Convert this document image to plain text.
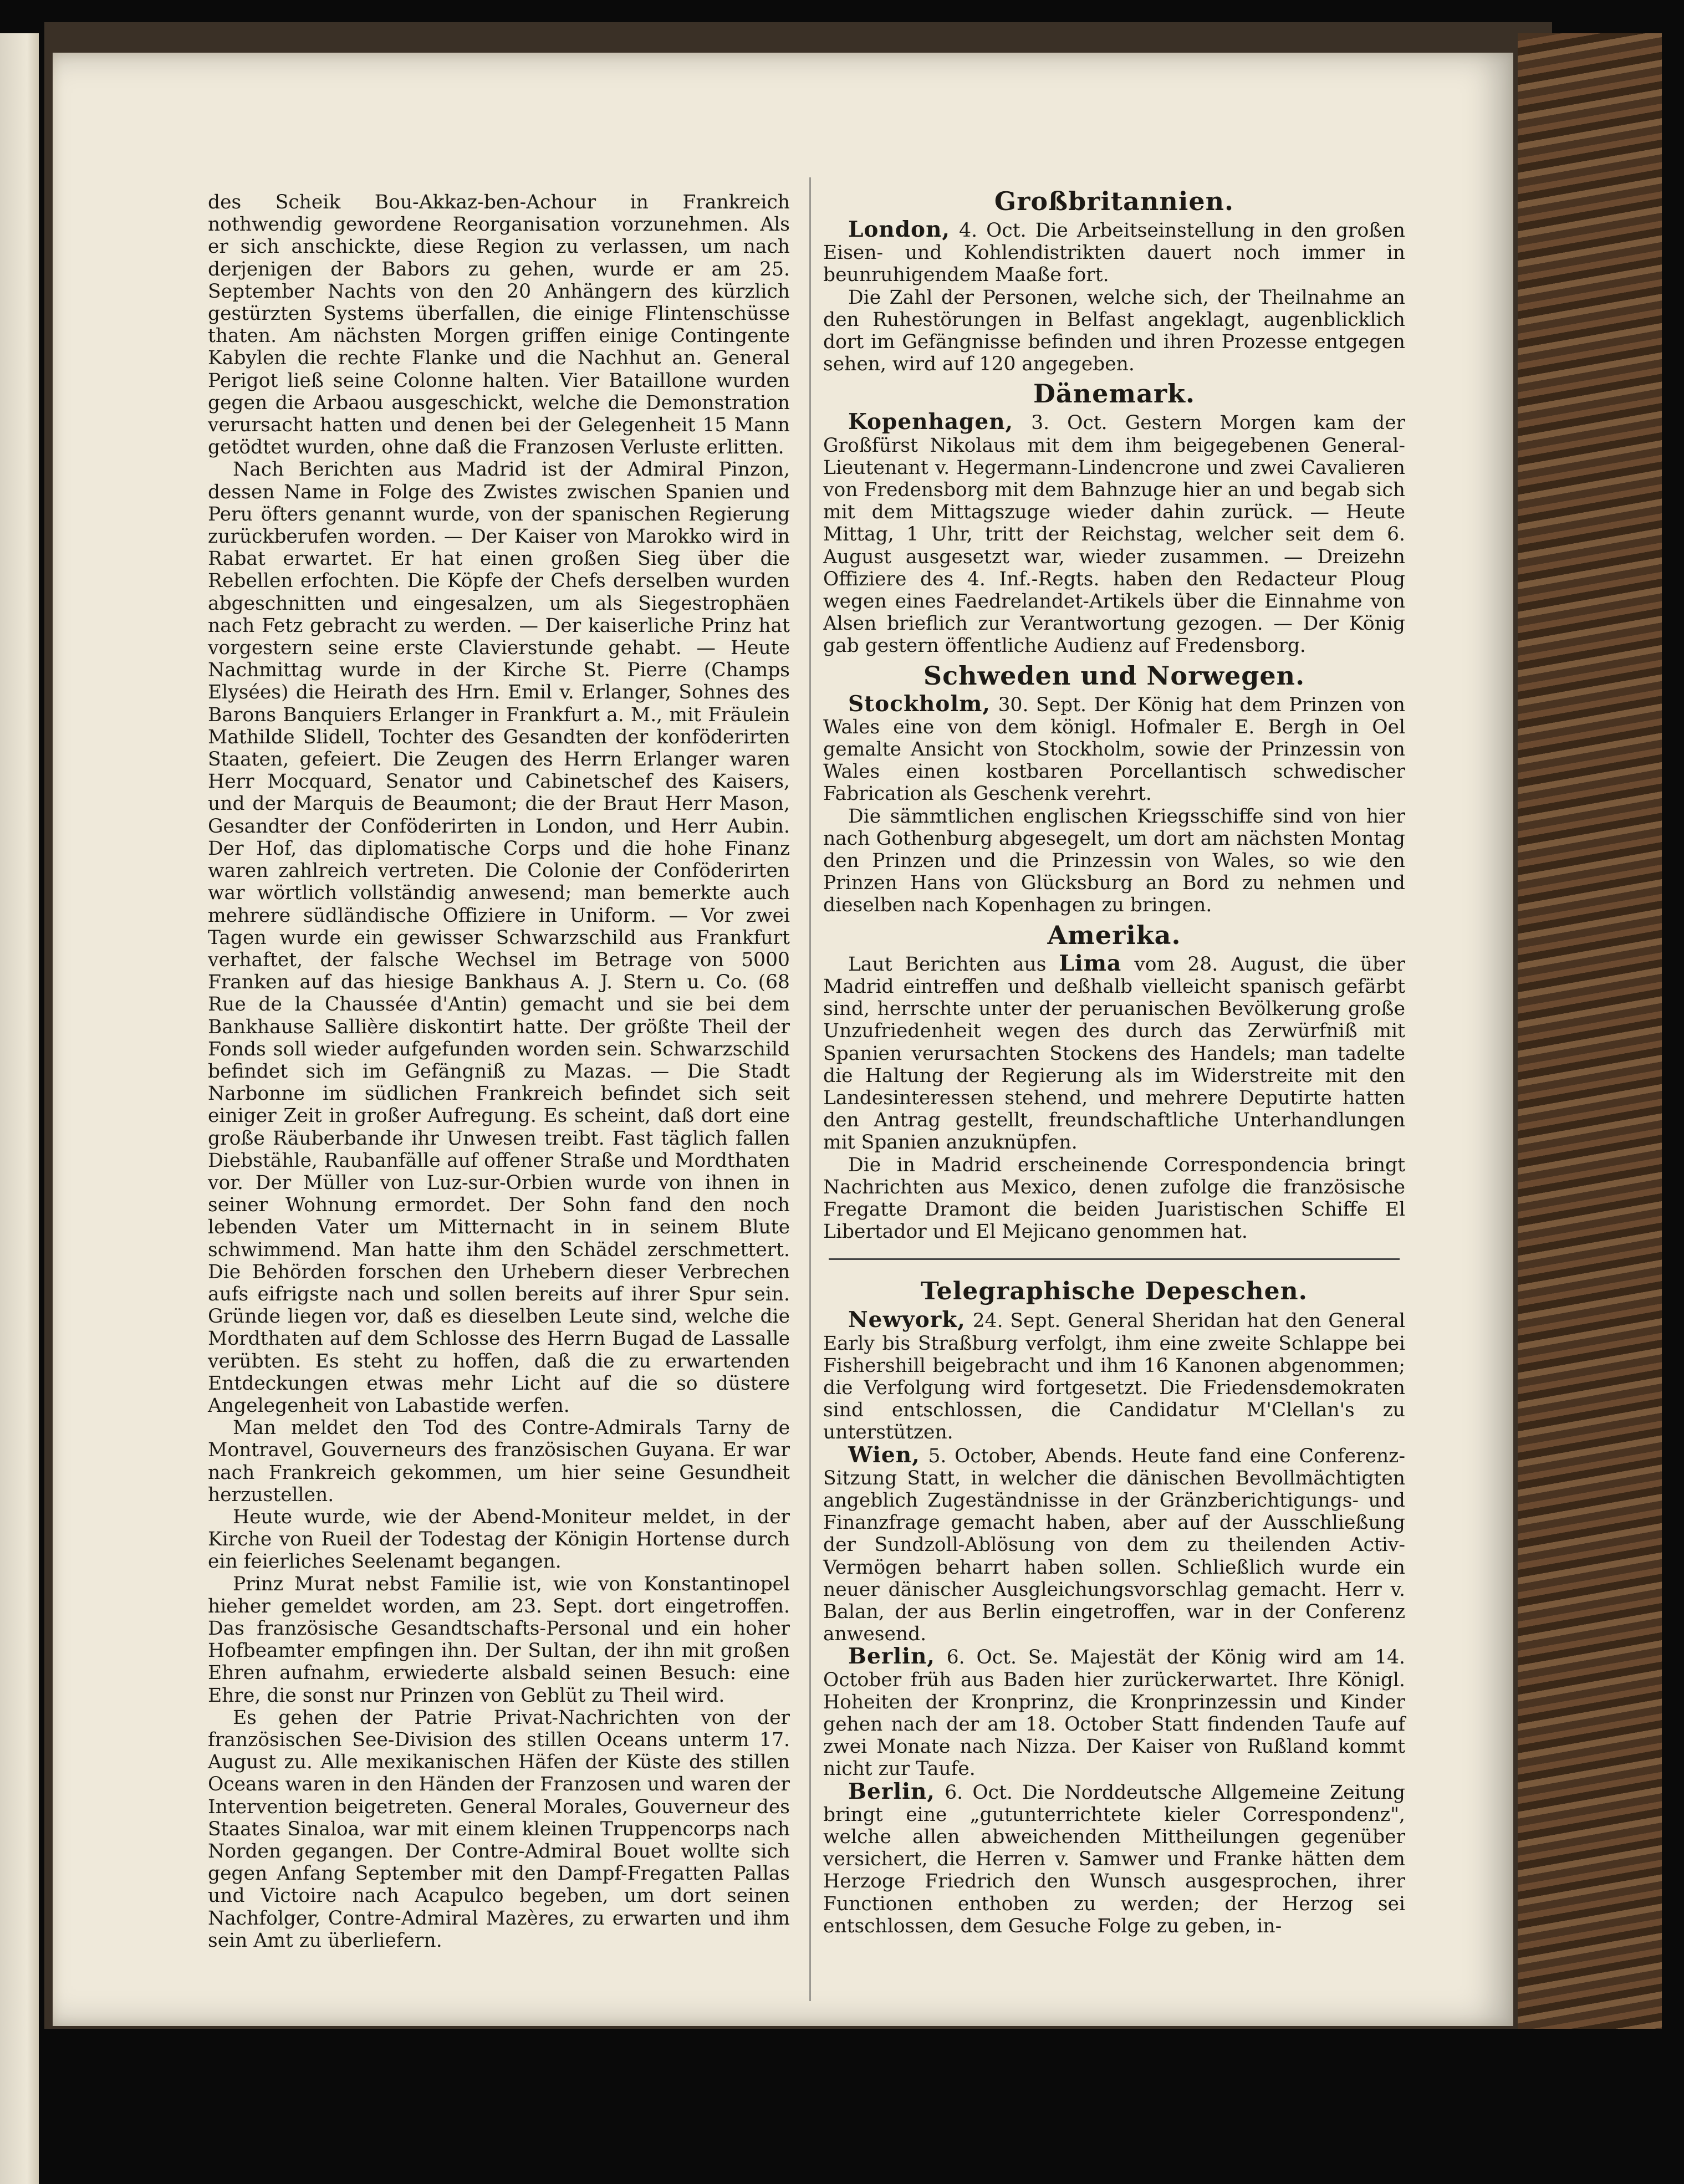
des Scheik Bou-Akkaz-ben-Achour in Frankreich nothwendig gewordene Reorganisation vorzunehmen. Als er sich anschickte, diese Region zu verlassen, um nach derjenigen der Babors zu gehen, wurde er am 25. September Nachts von den 20 Anhängern des kürzlich gestürzten Systems überfallen, die einige Flintenschüsse thaten. Am nächsten Morgen griffen einige Contingente Kabylen die rechte Flanke und die Nachhut an. General Perigot ließ seine Colonne halten. Vier Bataillone wurden gegen die Arbaou ausgeschickt, welche die Demonstration verursacht hatten und denen bei der Gelegenheit 15 Mann getödtet wurden, ohne daß die Franzosen Verluste erlitten.

Nach Berichten aus Madrid ist der Admiral Pinzon, dessen Name in Folge des Zwistes zwischen Spanien und Peru öfters genannt wurde, von der spanischen Regierung zurückberufen worden. — Der Kaiser von Marokko wird in Rabat erwartet. Er hat einen großen Sieg über die Rebellen erfochten. Die Köpfe der Chefs derselben wurden abgeschnitten und eingesalzen, um als Siegestrophäen nach Fetz gebracht zu werden. — Der kaiserliche Prinz hat vorgestern seine erste Clavierstunde gehabt. — Heute Nachmittag wurde in der Kirche St. Pierre (Champs Elysées) die Heirath des Hrn. Emil v. Erlanger, Sohnes des Barons Banquiers Erlanger in Frankfurt a. M., mit Fräulein Mathilde Slidell, Tochter des Gesandten der konföderirten Staaten, gefeiert. Die Zeugen des Herrn Erlanger waren Herr Mocquard, Senator und Cabinetschef des Kaisers, und der Marquis de Beaumont; die der Braut Herr Mason, Gesandter der Conföderirten in London, und Herr Aubin. Der Hof, das diplomatische Corps und die hohe Finanz waren zahlreich vertreten. Die Colonie der Conföderirten war wörtlich vollständig anwesend; man bemerkte auch mehrere südländische Offiziere in Uniform. — Vor zwei Tagen wurde ein gewisser Schwarzschild aus Frankfurt verhaftet, der falsche Wechsel im Betrage von 5000 Franken auf das hiesige Bankhaus A. J. Stern u. Co. (68 Rue de la Chaussée d'Antin) gemacht und sie bei dem Bankhause Sallière diskontirt hatte. Der größte Theil der Fonds soll wieder aufgefunden worden sein. Schwarzschild befindet sich im Gefängniß zu Mazas. — Die Stadt Narbonne im südlichen Frankreich befindet sich seit einiger Zeit in großer Aufregung. Es scheint, daß dort eine große Räuberbande ihr Unwesen treibt. Fast täglich fallen Diebstähle, Raubanfälle auf offener Straße und Mordthaten vor. Der Müller von Luz-sur-Orbien wurde von ihnen in seiner Wohnung ermordet. Der Sohn fand den noch lebenden Vater um Mitternacht in in seinem Blute schwimmend. Man hatte ihm den Schädel zerschmettert. Die Behörden forschen den Urhebern dieser Verbrechen aufs eifrigste nach und sollen bereits auf ihrer Spur sein. Gründe liegen vor, daß es dieselben Leute sind, welche die Mordthaten auf dem Schlosse des Herrn Bugad de Lassalle verübten. Es steht zu hoffen, daß die zu erwartenden Entdeckungen etwas mehr Licht auf die so düstere Angelegenheit von Labastide werfen.

Man meldet den Tod des Contre-Admirals Tarny de Montravel, Gouverneurs des französischen Guyana. Er war nach Frankreich gekommen, um hier seine Gesundheit herzustellen.

Heute wurde, wie der Abend-Moniteur meldet, in der Kirche von Rueil der Todestag der Königin Hortense durch ein feierliches Seelenamt begangen.

Prinz Murat nebst Familie ist, wie von Konstantinopel hieher gemeldet worden, am 23. Sept. dort eingetroffen. Das französische Gesandtschafts-Personal und ein hoher Hofbeamter empfingen ihn. Der Sultan, der ihn mit großen Ehren aufnahm, erwiederte alsbald seinen Besuch: eine Ehre, die sonst nur Prinzen von Geblüt zu Theil wird.

Es gehen der Patrie Privat-Nachrichten von der französischen See-Division des stillen Oceans unterm 17. August zu. Alle mexikanischen Häfen der Küste des stillen Oceans waren in den Händen der Franzosen und waren der Intervention beigetreten. General Morales, Gouverneur des Staates Sinaloa, war mit einem kleinen Truppencorps nach Norden gegangen. Der Contre-Admiral Bouet wollte sich gegen Anfang September mit den Dampf-Fregatten Pallas und Victoire nach Acapulco begeben, um dort seinen Nachfolger, Contre-Admiral Mazères, zu erwarten und ihm sein Amt zu überliefern.

Großbritannien.

London, 4. Oct. Die Arbeitseinstellung in den großen Eisen- und Kohlendistrikten dauert noch immer in beunruhigendem Maaße fort.

Die Zahl der Personen, welche sich, der Theilnahme an den Ruhestörungen in Belfast angeklagt, augenblicklich dort im Gefängnisse befinden und ihren Prozesse entgegen sehen, wird auf 120 angegeben.

Dänemark.

Kopenhagen, 3. Oct. Gestern Morgen kam der Großfürst Nikolaus mit dem ihm beigegebenen General-Lieutenant v. Hegermann-Lindencrone und zwei Cavalieren von Fredensborg mit dem Bahnzuge hier an und begab sich mit dem Mittagszuge wieder dahin zurück. — Heute Mittag, 1 Uhr, tritt der Reichstag, welcher seit dem 6. August ausgesetzt war, wieder zusammen. — Dreizehn Offiziere des 4. Inf.-Regts. haben den Redacteur Ploug wegen eines Faedrelandet-Artikels über die Einnahme von Alsen brieflich zur Verantwortung gezogen. — Der König gab gestern öffentliche Audienz auf Fredensborg.

Schweden und Norwegen.

Stockholm, 30. Sept. Der König hat dem Prinzen von Wales eine von dem königl. Hofmaler E. Bergh in Oel gemalte Ansicht von Stockholm, sowie der Prinzessin von Wales einen kostbaren Porcellantisch schwedischer Fabrication als Geschenk verehrt.

Die sämmtlichen englischen Kriegsschiffe sind von hier nach Gothenburg abgesegelt, um dort am nächsten Montag den Prinzen und die Prinzessin von Wales, so wie den Prinzen Hans von Glücksburg an Bord zu nehmen und dieselben nach Kopenhagen zu bringen.

Amerika.

Laut Berichten aus Lima vom 28. August, die über Madrid eintreffen und deßhalb vielleicht spanisch gefärbt sind, herrschte unter der peruanischen Bevölkerung große Unzufriedenheit wegen des durch das Zerwürfniß mit Spanien verursachten Stockens des Handels; man tadelte die Haltung der Regierung als im Widerstreite mit den Landesinteressen stehend, und mehrere Deputirte hatten den Antrag gestellt, freundschaftliche Unterhandlungen mit Spanien anzuknüpfen.

Die in Madrid erscheinende Correspondencia bringt Nachrichten aus Mexico, denen zufolge die französische Fregatte Dramont die beiden Juaristischen Schiffe El Libertador und El Mejicano genommen hat.

Telegraphische Depeschen.

Newyork, 24. Sept. General Sheridan hat den General Early bis Straßburg verfolgt, ihm eine zweite Schlappe bei Fishershill beigebracht und ihm 16 Kanonen abgenommen; die Verfolgung wird fortgesetzt. Die Friedensdemokraten sind entschlossen, die Candidatur M'Clellan's zu unterstützen.

Wien, 5. October, Abends. Heute fand eine Conferenz-Sitzung Statt, in welcher die dänischen Bevollmächtigten angeblich Zugeständnisse in der Gränzberichtigungs- und Finanzfrage gemacht haben, aber auf der Ausschließung der Sundzoll-Ablösung von dem zu theilenden Activ-Vermögen beharrt haben sollen. Schließlich wurde ein neuer dänischer Ausgleichungsvorschlag gemacht. Herr v. Balan, der aus Berlin eingetroffen, war in der Conferenz anwesend.

Berlin, 6. Oct. Se. Majestät der König wird am 14. October früh aus Baden hier zurückerwartet. Ihre Königl. Hoheiten der Kronprinz, die Kronprinzessin und Kinder gehen nach der am 18. October Statt findenden Taufe auf zwei Monate nach Nizza. Der Kaiser von Rußland kommt nicht zur Taufe.

Berlin, 6. Oct. Die Norddeutsche Allgemeine Zeitung bringt eine „gutunterrichtete kieler Correspondenz", welche allen abweichenden Mittheilungen gegenüber versichert, die Herren v. Samwer und Franke hätten dem Herzoge Friedrich den Wunsch ausgesprochen, ihrer Functionen enthoben zu werden; der Herzog sei entschlossen, dem Gesuche Folge zu geben, in-
